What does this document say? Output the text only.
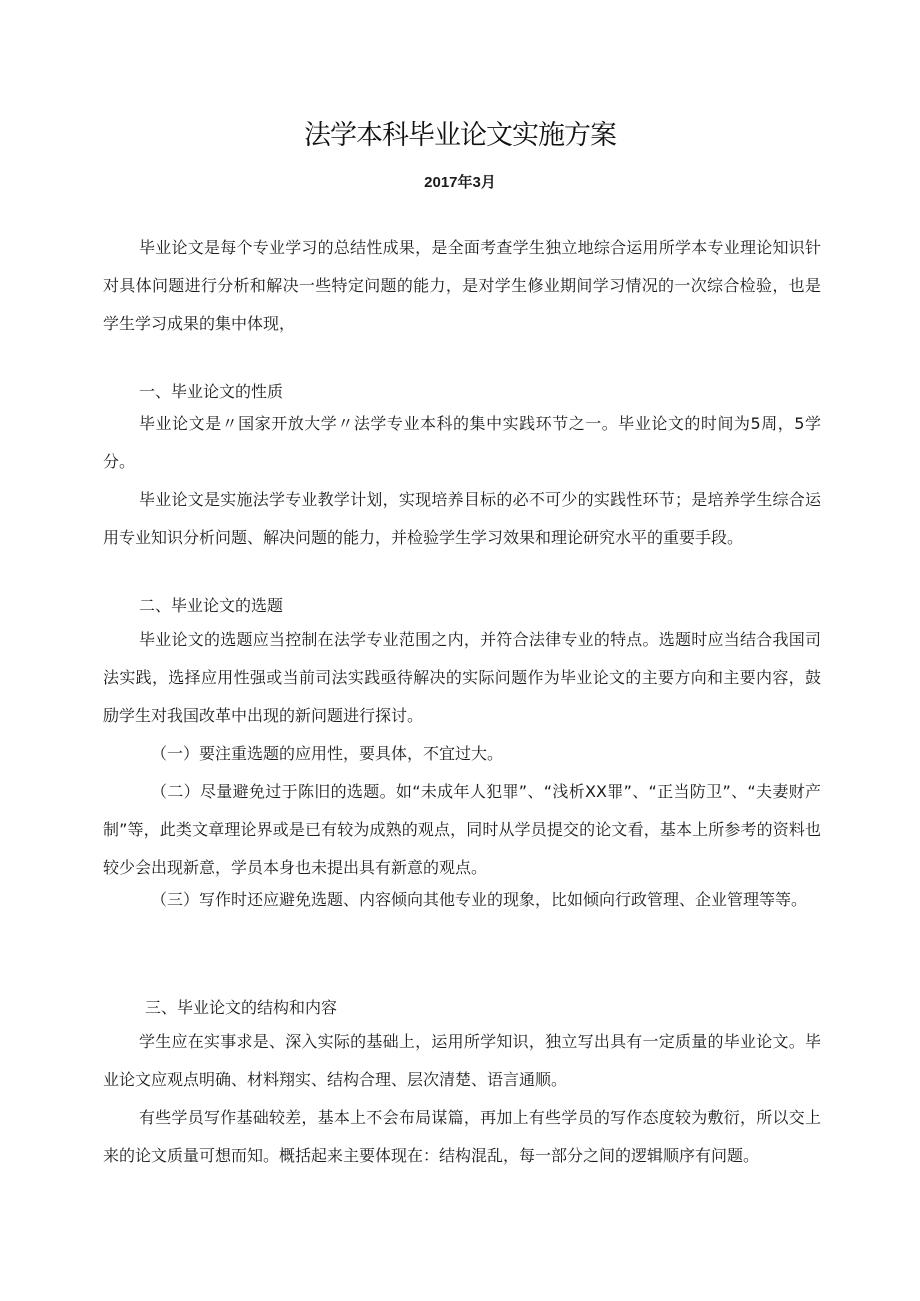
法学本科毕业论文实施方案
2017年3月

毕业论文是每个专业学习的总结性成果，是全面考查学生独立地综合运用所学本专业理论知识针对具体问题进行分析和解决一些特定问题的能力，是对学生修业期间学习情况的一次综合检验，也是学生学习成果的集中体现，

一、毕业论文的性质

毕业论文是〃国家开放大学〃法学专业本科的集中实践环节之一。毕业论文的时间为5周，5学分。

毕业论文是实施法学专业教学计划，实现培养目标的必不可少的实践性环节；是培养学生综合运用专业知识分析问题、解决问题的能力，并检验学生学习效果和理论研究水平的重要手段。

二、毕业论文的选题

毕业论文的选题应当控制在法学专业范围之内，并符合法律专业的特点。选题时应当结合我国司法实践，选择应用性强或当前司法实践亟待解决的实际问题作为毕业论文的主要方向和主要内容，鼓励学生对我国改革中出现的新问题进行探讨。

（一）要注重选题的应用性，要具体，不宜过大。

（二）尽量避免过于陈旧的选题。如“未成年人犯罪”、“浅析XX罪”、“正当防卫”、“夫妻财产制”等，此类文章理论界或是已有较为成熟的观点，同时从学员提交的论文看，基本上所参考的资料也较少会出现新意，学员本身也未提出具有新意的观点。

（三）写作时还应避免选题、内容倾向其他专业的现象，比如倾向行政管理、企业管理等等。

三、毕业论文的结构和内容

学生应在实事求是、深入实际的基础上，运用所学知识，独立写出具有一定质量的毕业论文。毕业论文应观点明确、材料翔实、结构合理、层次清楚、语言通顺。

有些学员写作基础较差，基本上不会布局谋篇，再加上有些学员的写作态度较为敷衍，所以交上来的论文质量可想而知。概括起来主要体现在：结构混乱，每一部分之间的逻辑顺序有问题。
